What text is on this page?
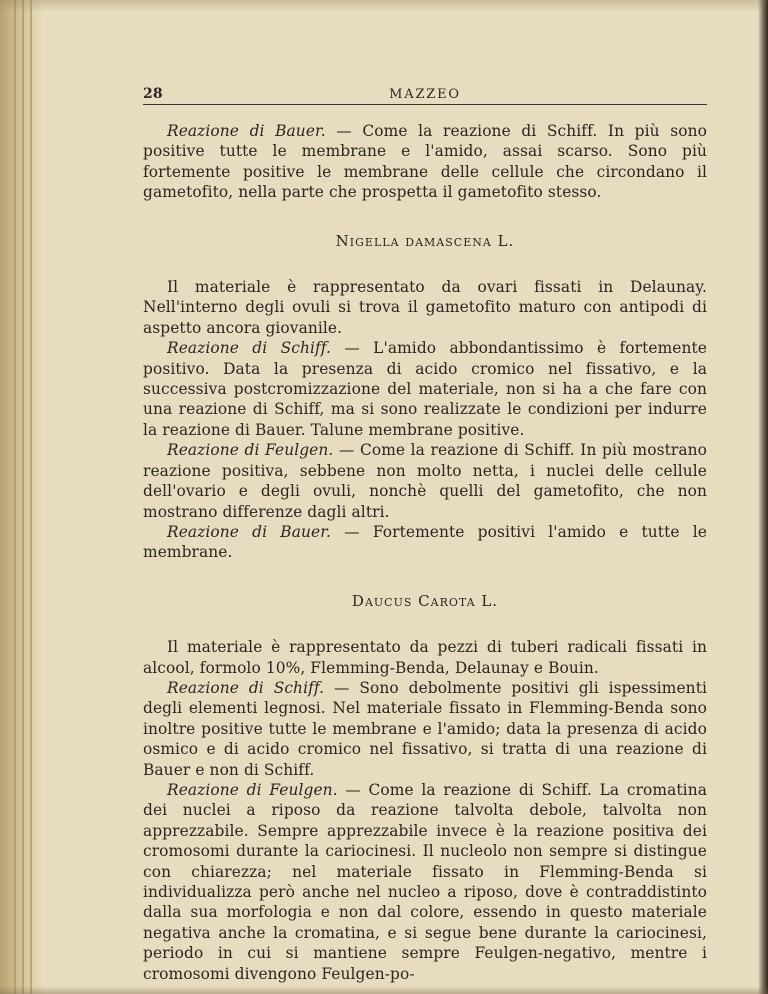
28	MAZZEO

Reazione di Bauer. — Come la reazione di Schiff. In più sono positive tutte le membrane e l'amido, assai scarso. Sono più fortemente positive le membrane delle cellule che circondano il gametofito, nella parte che prospetta il gametofito stesso.

Nigella damascena L.

Il materiale è rappresentato da ovari fissati in Delaunay. Nell'interno degli ovuli si trova il gametofito maturo con antipodi di aspetto ancora giovanile.

Reazione di Schiff. — L'amido abbondantissimo è fortemente positivo. Data la presenza di acido cromico nel fissativo, e la successiva postcromizzazione del materiale, non si ha a che fare con una reazione di Schiff, ma si sono realizzate le condizioni per indurre la reazione di Bauer. Talune membrane positive.

Reazione di Feulgen. — Come la reazione di Schiff. In più mostrano reazione positiva, sebbene non molto netta, i nuclei delle cellule dell'ovario e degli ovuli, nonchè quelli del gametofito, che non mostrano differenze dagli altri.

Reazione di Bauer. — Fortemente positivi l'amido e tutte le membrane.

Daucus Carota L.

Il materiale è rappresentato da pezzi di tuberi radicali fissati in alcool, formolo 10%, Flemming-Benda, Delaunay e Bouin.

Reazione di Schiff. — Sono debolmente positivi gli ispessimenti degli elementi legnosi. Nel materiale fissato in Flemming-Benda sono inoltre positive tutte le membrane e l'amido; data la presenza di acido osmico e di acido cromico nel fissativo, si tratta di una reazione di Bauer e non di Schiff.

Reazione di Feulgen. — Come la reazione di Schiff. La cromatina dei nuclei a riposo da reazione talvolta debole, talvolta non apprezzabile. Sempre apprezzabile invece è la reazione positiva dei cromosomi durante la cariocinesi. Il nucleolo non sempre si distingue con chiarezza; nel materiale fissato in Flemming-Benda si individualizza però anche nel nucleo a riposo, dove è contraddistinto dalla sua morfologia e non dal colore, essendo in questo materiale negativa anche la cromatina, e si segue bene durante la cariocinesi, periodo in cui si mantiene sempre Feulgen-negativo, mentre i cromosomi divengono Feulgen-po-
